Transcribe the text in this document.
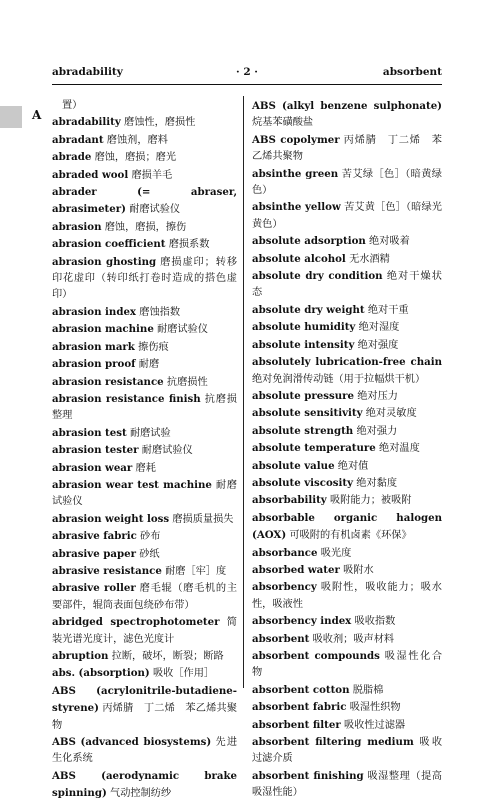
abradability	· 2 ·	absorbent
A
置）
abradability 磨蚀性，磨损性
abradant 磨蚀剂，磨料
abrade 磨蚀，磨损；磨光
abraded wool 磨损羊毛
abrader (= abraser, abrasimeter) 耐磨试验仪
abrasion 磨蚀，磨损，擦伤
abrasion coefficient 磨损系数
abrasion ghosting 磨损虚印；转移印花虚印（转印纸打卷时造成的搭色虚印）
abrasion index 磨蚀指数
abrasion machine 耐磨试验仪
abrasion mark 擦伤痕
abrasion proof 耐磨
abrasion resistance 抗磨损性
abrasion resistance finish 抗磨损整理
abrasion test 耐磨试验
abrasion tester 耐磨试验仪
abrasion wear 磨耗
abrasion wear test machine 耐磨试验仪
abrasion weight loss 磨损质量损失
abrasive fabric 砂布
abrasive paper 砂纸
abrasive resistance 耐磨［牢］度
abrasive roller 磨毛辊（磨毛机的主要部件，辊筒表面包绕砂布带）
abridged spectrophotometer 简装光谱光度计，滤色光度计
abruption 拉断，破坏，断裂；断路
abs. (absorption) 吸收［作用］
ABS (acrylonitrile-butadiene-styrene) 丙烯腈　丁二烯　苯乙烯共聚物
ABS (advanced biosystems) 先进生化系统
ABS (aerodynamic brake spinning) 气动控制纺纱
ABS (alkyl benzene sulphonate) 烷基苯磺酸盐
ABS copolymer 丙烯腈　丁二烯　苯乙烯共聚物
absinthe green 苦艾绿［色］（暗黄绿色）
absinthe yellow 苦艾黄［色］（暗绿光黄色）
absolute adsorption 绝对吸着
absolute alcohol 无水酒精
absolute dry condition 绝对干燥状态
absolute dry weight 绝对干重
absolute humidity 绝对湿度
absolute intensity 绝对强度
absolutely lubrication-free chain 绝对免润滑传动链（用于拉幅烘干机）
absolute pressure 绝对压力
absolute sensitivity 绝对灵敏度
absolute strength 绝对强力
absolute temperature 绝对温度
absolute value 绝对值
absolute viscosity 绝对黏度
absorbability 吸附能力；被吸附
absorbable organic halogen (AOX) 可吸附的有机卤素《环保》
absorbance 吸光度
absorbed water 吸附水
absorbency 吸附性，吸收能力；吸水性，吸液性
absorbency index 吸收指数
absorbent 吸收剂；吸声材料
absorbent compounds 吸湿性化合物
absorbent cotton 脱脂棉
absorbent fabric 吸湿性织物
absorbent filter 吸收性过滤器
absorbent filtering medium 吸收过滤介质
absorbent finishing 吸湿整理（提高吸湿性能）
